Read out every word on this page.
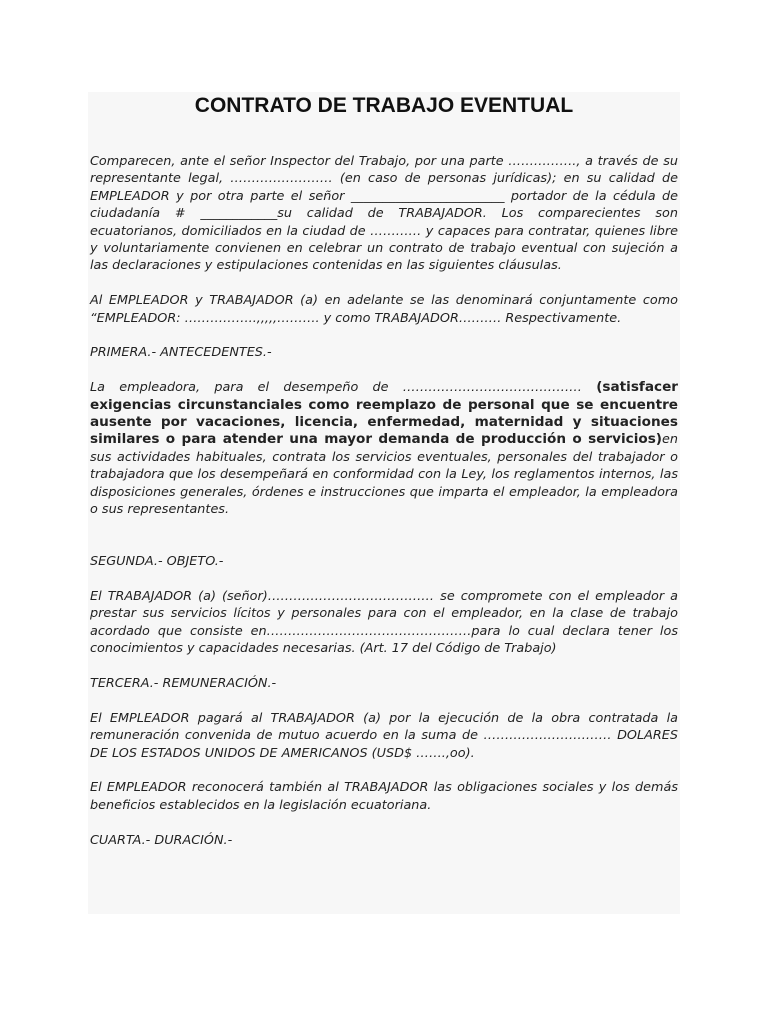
CONTRATO DE TRABAJO EVENTUAL

Comparecen, ante el señor Inspector del Trabajo, por una parte ……………., a través de su representante legal, …………………… (en caso de personas jurídicas); en su calidad de EMPLEADOR y por otra parte el señor ________________________ portador de la cédula de ciudadanía # ____________su calidad de TRABAJADOR. Los comparecientes son ecuatorianos, domiciliados en la ciudad de ………… y capaces para contratar, quienes libre y voluntariamente convienen en celebrar un contrato de trabajo eventual con sujeción a las declaraciones y estipulaciones contenidas en las siguientes cláusulas.

Al EMPLEADOR y TRABAJADOR (a) en adelante se las denominará conjuntamente como “EMPLEADOR: ……………..,,,,,………. y como TRABAJADOR………. Respectivamente.

PRIMERA.- ANTECEDENTES.-

La empleadora, para el desempeño de …………………………………… (satisfacer exigencias circunstanciales como reemplazo de personal que se encuentre ausente por vacaciones, licencia, enfermedad, maternidad y situaciones similares o para atender una mayor demanda de producción o servicios)en sus actividades habituales, contrata los servicios eventuales, personales del trabajador o trabajadora que los desempeñará en conformidad con la Ley, los reglamentos internos, las disposiciones generales, órdenes e instrucciones que imparta el empleador, la empleadora o sus representantes.

SEGUNDA.- OBJETO.-

El TRABAJADOR (a) (señor)………………………………… se compromete con el empleador a prestar sus servicios lícitos y personales para con el empleador, en la clase de trabajo acordado que consiste en…………………………………………para lo cual declara tener los conocimientos y capacidades necesarias. (Art. 17 del Código de Trabajo)

TERCERA.- REMUNERACIÓN.-

El EMPLEADOR pagará al TRABAJADOR (a) por la ejecución de la obra contratada la remuneración convenida de mutuo acuerdo en la suma de ………………………… DOLARES DE LOS ESTADOS UNIDOS DE AMERICANOS (USD$ …….,oo).

El EMPLEADOR reconocerá también al TRABAJADOR las obligaciones sociales y los demás beneficios establecidos en la legislación ecuatoriana.

CUARTA.- DURACIÓN.-
